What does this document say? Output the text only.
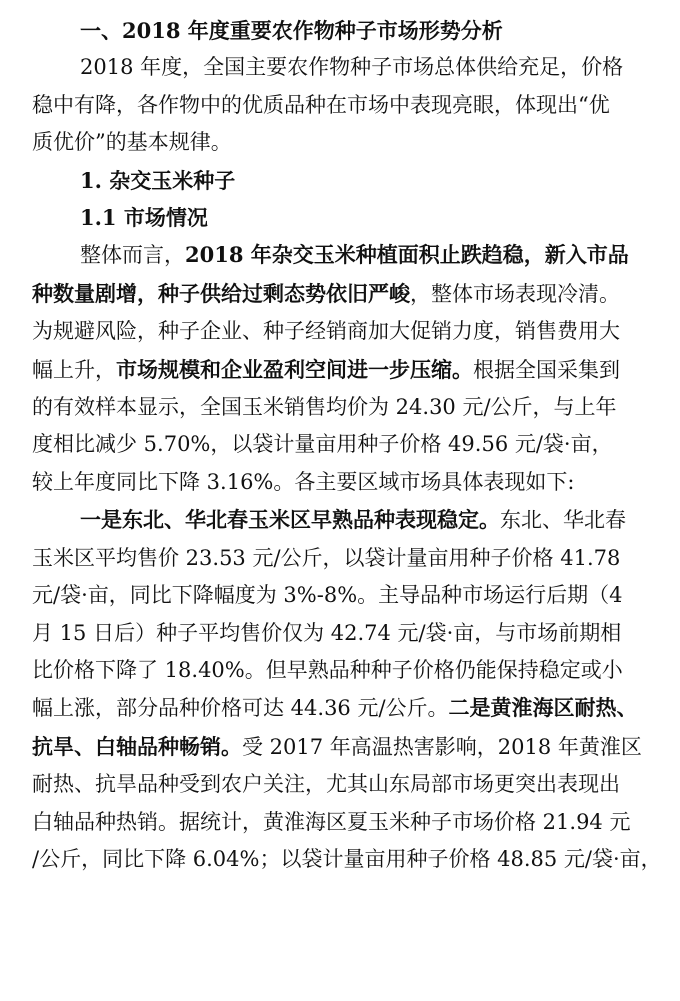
一、2018 年度重要农作物种子市场形势分析
2018 年度，全国主要农作物种子市场总体供给充足，价格
稳中有降，各作物中的优质品种在市场中表现亮眼，体现出“优
质优价”的基本规律。
1. 杂交玉米种子
1.1 市场情况
整体而言，2018 年杂交玉米种植面积止跌趋稳，新入市品
种数量剧增，种子供给过剩态势依旧严峻，整体市场表现冷清。
为规避风险，种子企业、种子经销商加大促销力度，销售费用大
幅上升，市场规模和企业盈利空间进一步压缩。根据全国采集到
的有效样本显示，全国玉米销售均价为 24.30 元/公斤，与上年
度相比减少 5.70%，以袋计量亩用种子价格 49.56 元/袋·亩，
较上年度同比下降 3.16%。各主要区域市场具体表现如下:
一是东北、华北春玉米区早熟品种表现稳定。东北、华北春
玉米区平均售价 23.53 元/公斤，以袋计量亩用种子价格 41.78
元/袋·亩，同比下降幅度为 3%-8%。主导品种市场运行后期（4
月 15 日后）种子平均售价仅为 42.74 元/袋·亩，与市场前期相
比价格下降了 18.40%。但早熟品种种子价格仍能保持稳定或小
幅上涨，部分品种价格可达 44.36 元/公斤。二是黄淮海区耐热、
抗旱、白轴品种畅销。受 2017 年高温热害影响，2018 年黄淮区
耐热、抗旱品种受到农户关注，尤其山东局部市场更突出表现出
白轴品种热销。据统计，黄淮海区夏玉米种子市场价格 21.94 元
/公斤，同比下降 6.04%；以袋计量亩用种子价格 48.85 元/袋·亩，
